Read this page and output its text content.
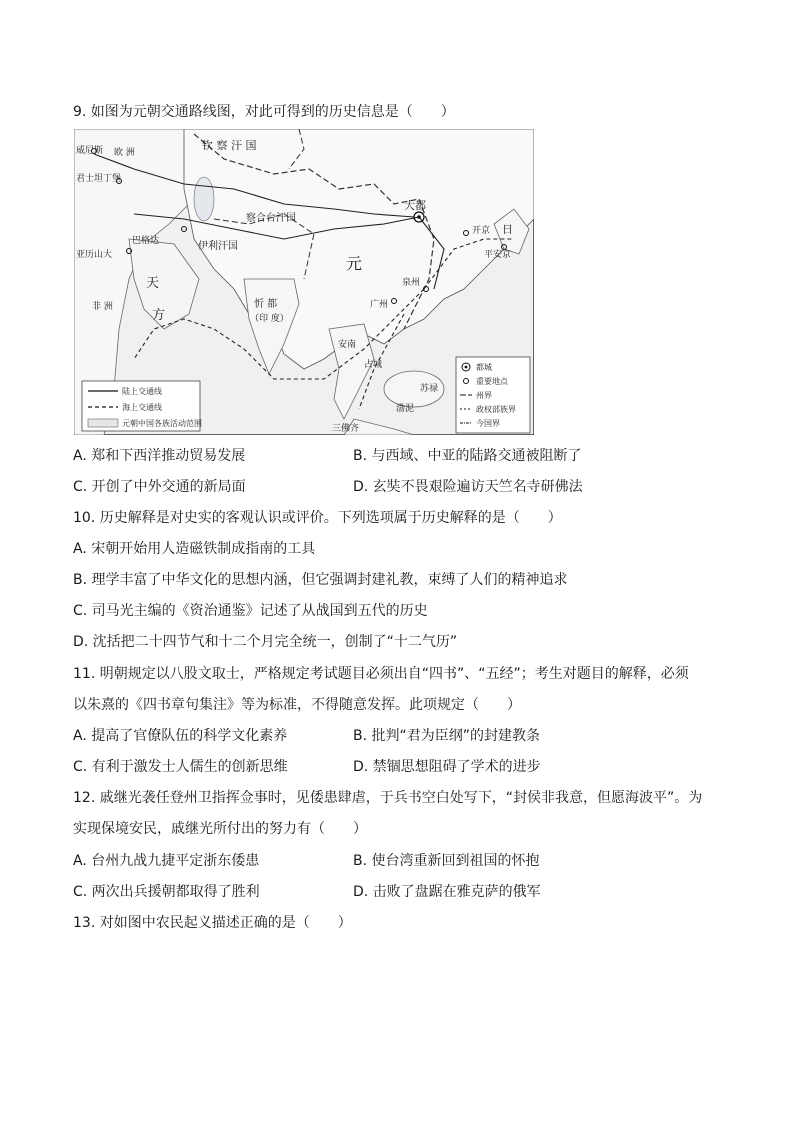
9. 如图为元朝交通路线图，对此可得到的历史信息是（　　）
钦 察 汗 国
威尼斯 欧 洲
君士坦丁堡
察合台汗国
伊利汗国
巴格达
亚历山大
天
方
非 洲
大都
元
开京 日
平安京
泉州
广州
忻 都
（印 度）
安南
占城
苏禄
渤泥
三佛齐
陆上交通线
海上交通线
元朝中国各族活动范围
都城
重要地点
州界
政权部族界
今国界
A. 郑和下西洋推动贸易发展	B. 与西域、中亚的陆路交通被阻断了
C. 开创了中外交通的新局面	D. 玄奘不畏艰险遍访天竺名寺研佛法
10. 历史解释是对史实的客观认识或评价。下列选项属于历史解释的是（　　）
A. 宋朝开始用人造磁铁制成指南的工具
B. 理学丰富了中华文化的思想内涵，但它强调封建礼教，束缚了人们的精神追求
C. 司马光主编的《资治通鉴》记述了从战国到五代的历史
D. 沈括把二十四节气和十二个月完全统一，创制了“十二气历”
11. 明朝规定以八股文取士，严格规定考试题目必须出自“四书”、“五经”；考生对题目的解释，必须
以朱熹的《四书章句集注》等为标准，不得随意发挥。此项规定（　　）
A. 提高了官僚队伍的科学文化素养	B. 批判“君为臣纲”的封建教条
C. 有利于激发士人儒生的创新思维	D. 禁锢思想阻碍了学术的进步
12. 戚继光袭任登州卫指挥佥事时，见倭患肆虐，于兵书空白处写下，“封侯非我意，但愿海波平”。为
实现保境安民，戚继光所付出的努力有（　　）
A. 台州九战九捷平定浙东倭患	B. 使台湾重新回到祖国的怀抱
C. 两次出兵援朝都取得了胜利	D. 击败了盘踞在雅克萨的俄军
13. 对如图中农民起义描述正确的是（　　）
